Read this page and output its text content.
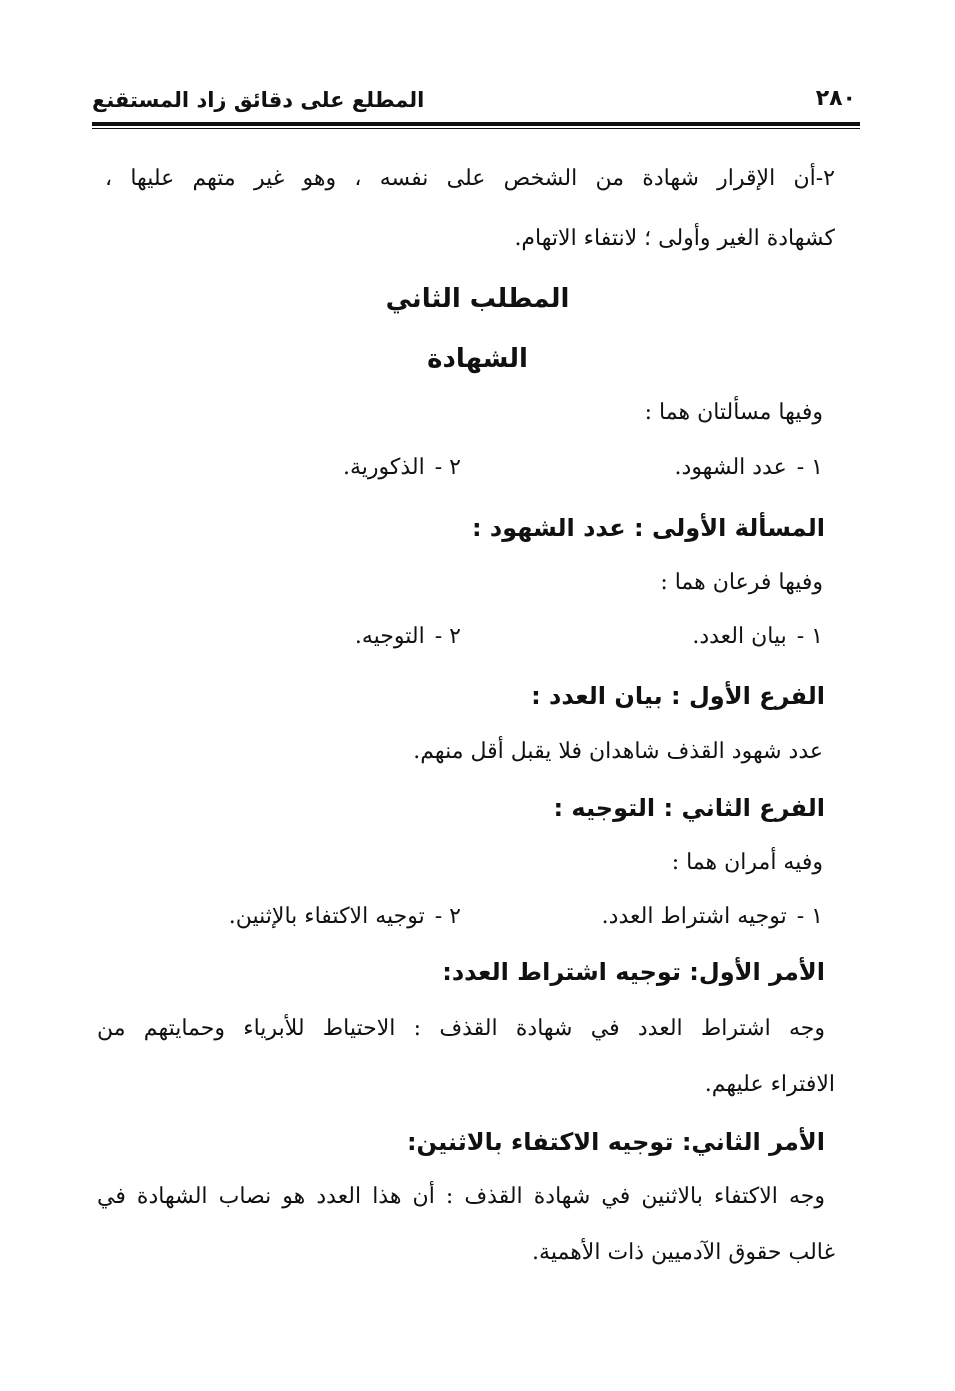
المطلع على دقائق زاد المستقنع	٢٨٠
٢-أن الإقرار شهادة من الشخص على نفسه ، وهو غير متهم عليها ،
كشهادة الغير وأولى ؛ لانتفاء الاتهام.
المطلب الثاني
الشهادة
وفيها مسألتان هما :
١ -عدد الشهود.
٢ -الذكورية.
المسألة الأولى : عدد الشهود :
وفيها فرعان هما :
١ -بيان العدد.
٢ -التوجيه.
الفرع الأول : بيان العدد :
عدد شهود القذف شاهدان فلا يقبل أقل منهم.
الفرع الثاني : التوجيه :
وفيه أمران هما :
١ -توجيه اشتراط العدد.
٢ -توجيه الاكتفاء بالإثنين.
الأمر الأول: توجيه اشتراط العدد:
وجه اشتراط العدد في شهادة القذف : الاحتياط للأبرياء وحمايتهم من
الافتراء عليهم.
الأمر الثاني: توجيه الاكتفاء بالاثنين:
وجه الاكتفاء بالاثنين في شهادة القذف : أن هذا العدد هو نصاب الشهادة في
غالب حقوق الآدميين ذات الأهمية.
